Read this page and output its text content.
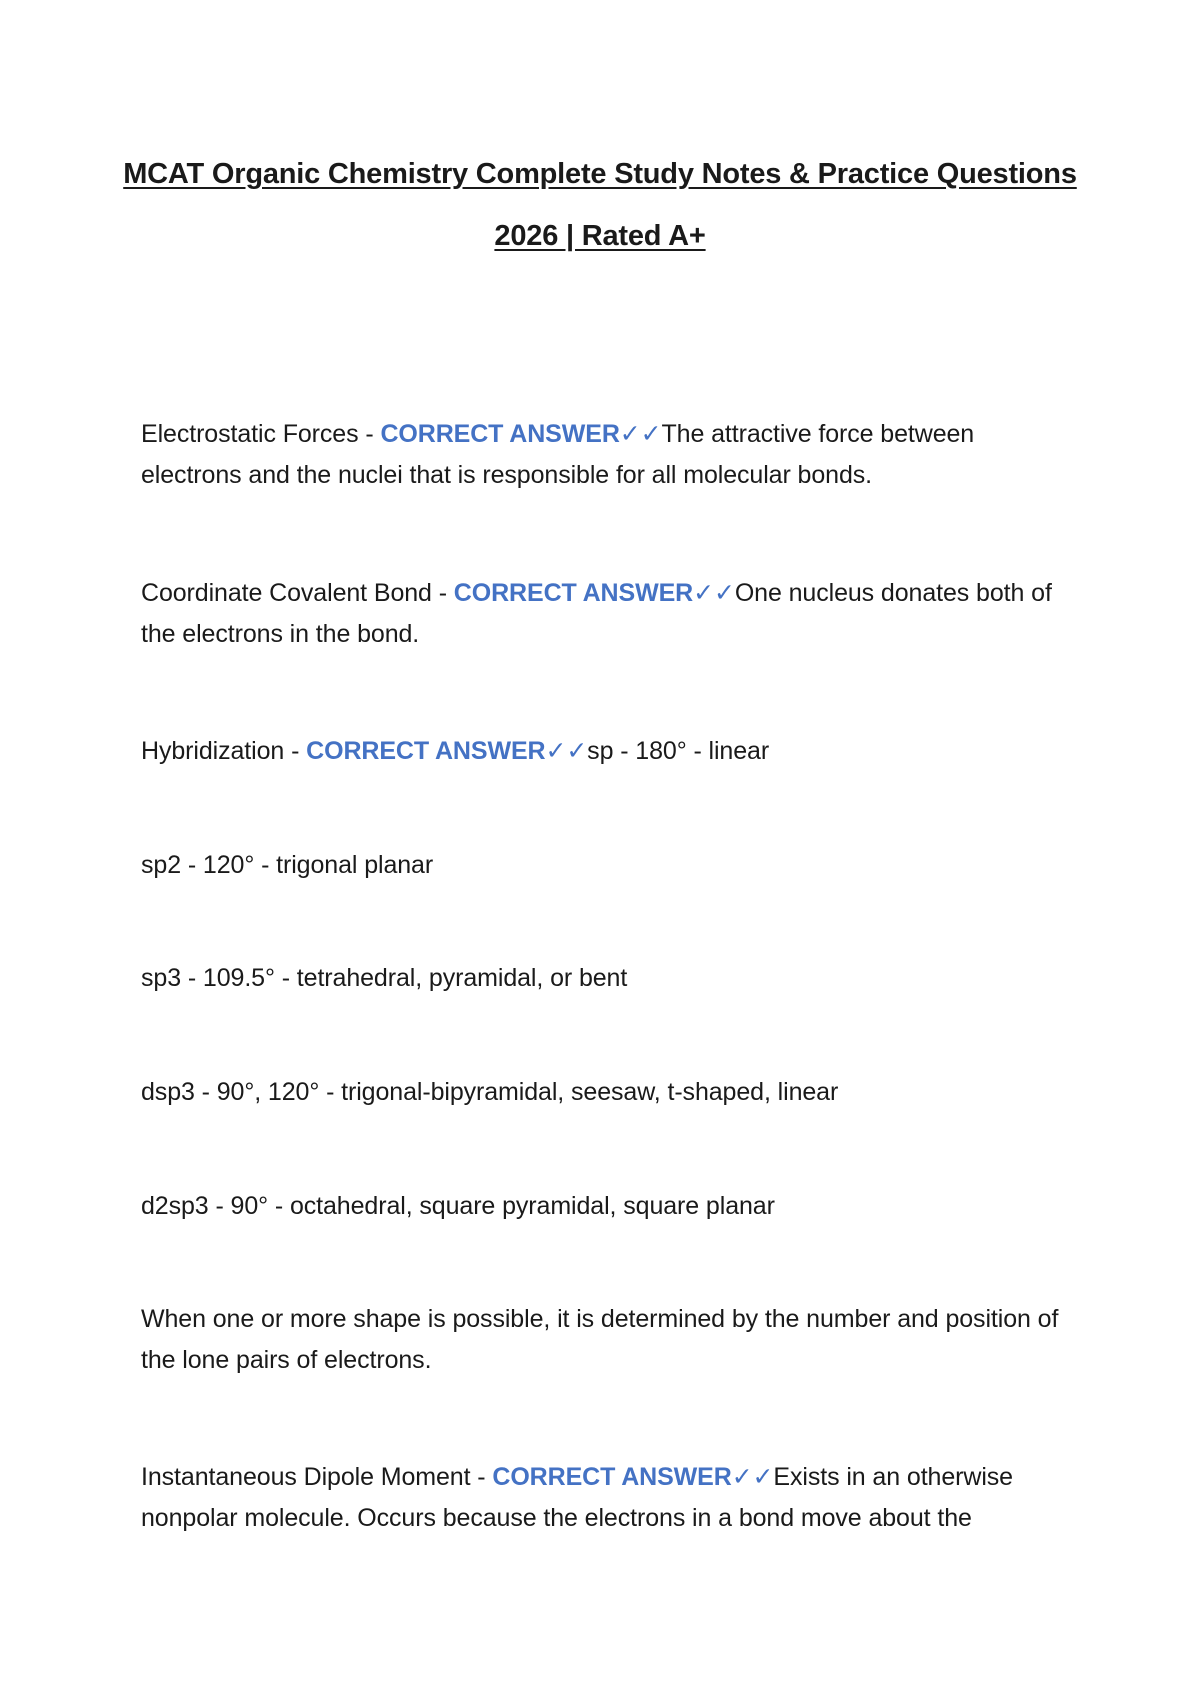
MCAT Organic Chemistry Complete Study Notes & Practice Questions
2026 | Rated A+
Electrostatic Forces - CORRECT ANSWER✓✓The attractive force between electrons and the nuclei that is responsible for all molecular bonds.
Coordinate Covalent Bond - CORRECT ANSWER✓✓One nucleus donates both of the electrons in the bond.
Hybridization - CORRECT ANSWER✓✓sp - 180° - linear
sp2 - 120° - trigonal planar
sp3 - 109.5° - tetrahedral, pyramidal, or bent
dsp3 - 90°, 120° - trigonal-bipyramidal, seesaw, t-shaped, linear
d2sp3 - 90° - octahedral, square pyramidal, square planar
When one or more shape is possible, it is determined by the number and position of the lone pairs of electrons.
Instantaneous Dipole Moment - CORRECT ANSWER✓✓Exists in an otherwise nonpolar molecule. Occurs because the electrons in a bond move about the
